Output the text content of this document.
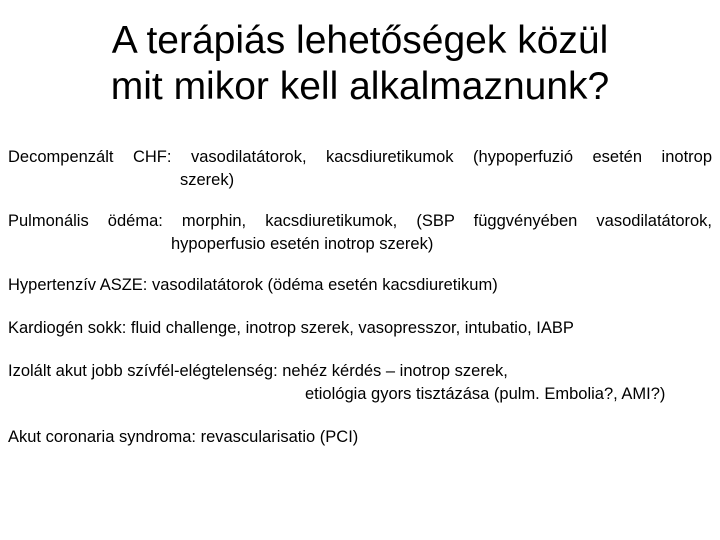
A terápiás lehetőségek közül
mit mikor kell alkalmaznunk?
Decompenzált CHF: vasodilatátorok, kacsdiuretikumok (hypoperfuzió esetén inotrop
szerek)
Pulmonális ödéma: morphin, kacsdiuretikumok, (SBP függvényében vasodilatátorok,
hypoperfusio esetén inotrop szerek)
Hypertenzív ASZE: vasodilatátorok (ödéma esetén kacsdiuretikum)
Kardiogén sokk: fluid challenge, inotrop szerek, vasopresszor, intubatio, IABP
Izolált akut jobb szívfél-elégtelenség: nehéz kérdés – inotrop szerek,
etiológia gyors tisztázása (pulm. Embolia?, AMI?)
Akut coronaria syndroma: revascularisatio (PCI)
